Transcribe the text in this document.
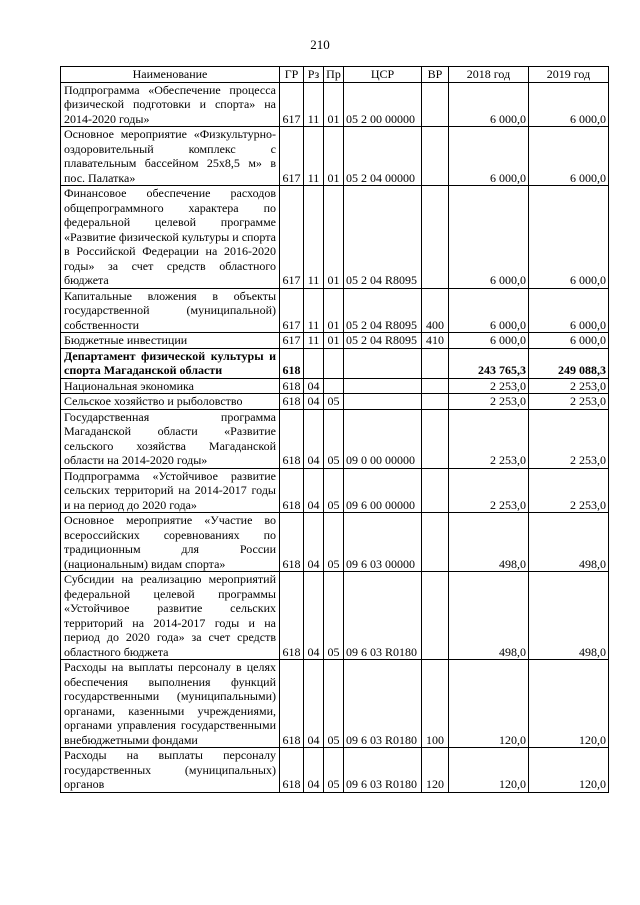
210
Наименование	ГР	Рз	Пр	ЦСР	ВР	2018 год	2019 год
Подпрограмма «Обеспечение процесса физической подготовки и спорта» на 2014-2020 годы»	617	11	01	05 2 00 00000		6 000,0	6 000,0
Основное мероприятие «Физкультурно-оздоровительный комплекс с плавательным бассейном 25х8,5 м» в пос. Палатка»	617	11	01	05 2 04 00000		6 000,0	6 000,0
Финансовое обеспечение расходов общепрограммного характера по федеральной целевой программе «Развитие физической культуры и спорта в Российской Федерации на 2016-2020 годы» за счет средств областного бюджета	617	11	01	05 2 04 R8095		6 000,0	6 000,0
Капитальные вложения в объекты государственной (муниципальной) собственности	617	11	01	05 2 04 R8095	400	6 000,0	6 000,0
Бюджетные инвестиции	617	11	01	05 2 04 R8095	410	6 000,0	6 000,0
Департамент физической культуры и спорта Магаданской области	618					243 765,3	249 088,3
Национальная экономика	618	04				2 253,0	2 253,0
Сельское хозяйство и рыболовство	618	04	05			2 253,0	2 253,0
Государственная программа Магаданской области «Развитие сельского хозяйства Магаданской области на 2014-2020 годы»	618	04	05	09 0 00 00000		2 253,0	2 253,0
Подпрограмма «Устойчивое развитие сельских территорий на 2014-2017 годы и на период до 2020 года»	618	04	05	09 6 00 00000		2 253,0	2 253,0
Основное мероприятие «Участие во всероссийских соревнованиях по традиционным для России (национальным) видам спорта»	618	04	05	09 6 03 00000		498,0	498,0
Субсидии на реализацию мероприятий федеральной целевой программы «Устойчивое развитие сельских территорий на 2014-2017 годы и на период до 2020 года» за счет средств областного бюджета	618	04	05	09 6 03 R0180		498,0	498,0
Расходы на выплаты персоналу в целях обеспечения выполнения функций государственными (муниципальными) органами, казенными учреждениями, органами управления государственными внебюджетными фондами	618	04	05	09 6 03 R0180	100	120,0	120,0
Расходы на выплаты персоналу государственных (муниципальных) органов	618	04	05	09 6 03 R0180	120	120,0	120,0
